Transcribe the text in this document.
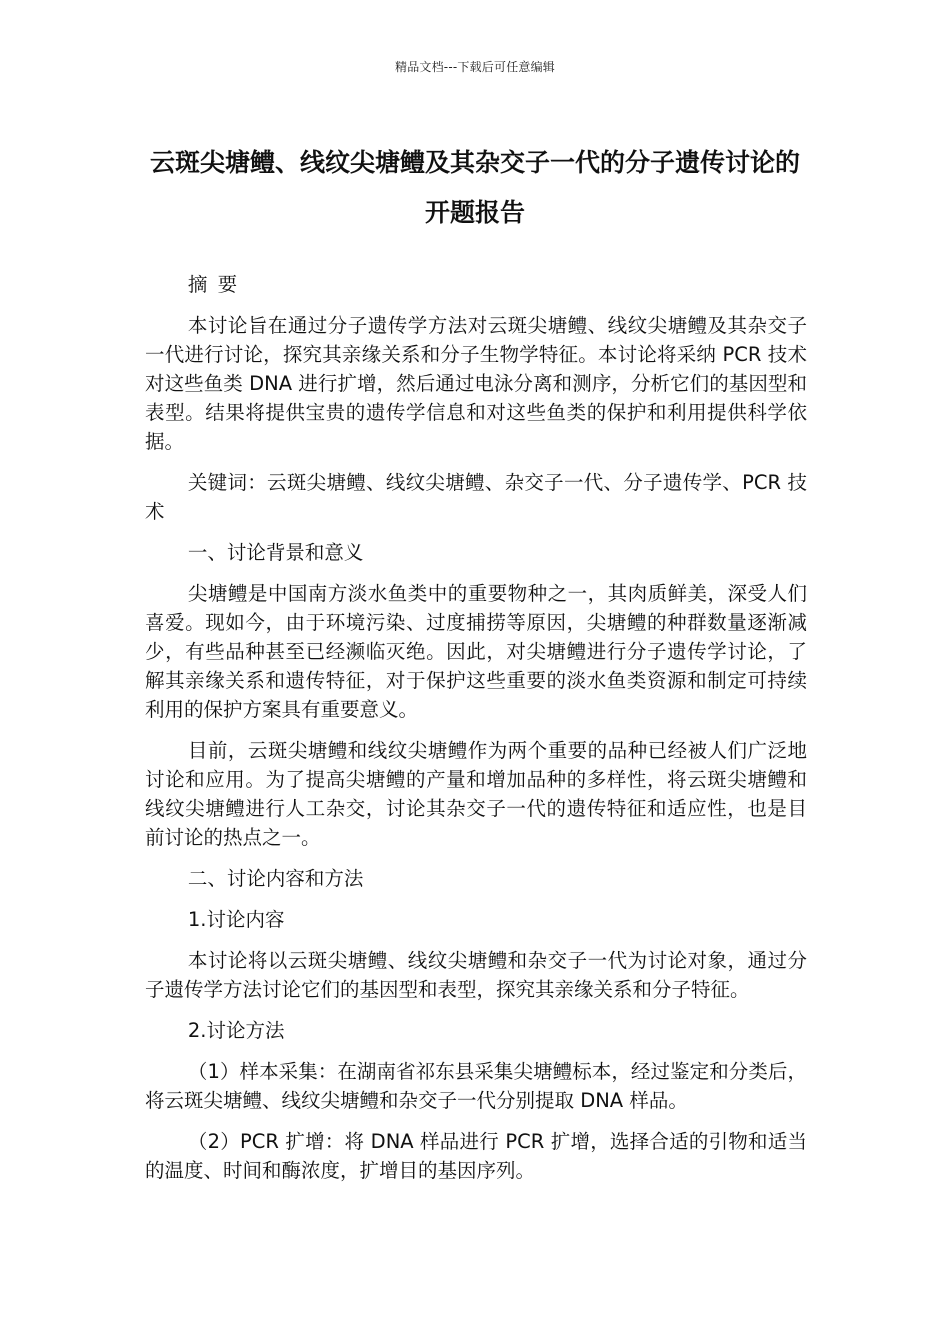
精品文档---下载后可任意编辑
云斑尖塘鳢、线纹尖塘鳢及其杂交子一代的分子遗传讨论的开题报告

摘 要

本讨论旨在通过分子遗传学方法对云斑尖塘鳢、线纹尖塘鳢及其杂交子一代进行讨论，探究其亲缘关系和分子生物学特征。本讨论将采纳 PCR 技术对这些鱼类 DNA 进行扩增，然后通过电泳分离和测序，分析它们的基因型和表型。结果将提供宝贵的遗传学信息和对这些鱼类的保护和利用提供科学依据。

关键词：云斑尖塘鳢、线纹尖塘鳢、杂交子一代、分子遗传学、PCR 技术

一、讨论背景和意义

尖塘鳢是中国南方淡水鱼类中的重要物种之一，其肉质鲜美，深受人们喜爱。现如今，由于环境污染、过度捕捞等原因，尖塘鳢的种群数量逐渐减少，有些品种甚至已经濒临灭绝。因此，对尖塘鳢进行分子遗传学讨论，了解其亲缘关系和遗传特征，对于保护这些重要的淡水鱼类资源和制定可持续利用的保护方案具有重要意义。

目前，云斑尖塘鳢和线纹尖塘鳢作为两个重要的品种已经被人们广泛地讨论和应用。为了提高尖塘鳢的产量和增加品种的多样性，将云斑尖塘鳢和线纹尖塘鳢进行人工杂交，讨论其杂交子一代的遗传特征和适应性，也是目前讨论的热点之一。

二、讨论内容和方法

1.讨论内容

本讨论将以云斑尖塘鳢、线纹尖塘鳢和杂交子一代为讨论对象，通过分子遗传学方法讨论它们的基因型和表型，探究其亲缘关系和分子特征。

2.讨论方法

（1）样本采集：在湖南省祁东县采集尖塘鳢标本，经过鉴定和分类后，将云斑尖塘鳢、线纹尖塘鳢和杂交子一代分别提取 DNA 样品。

（2）PCR 扩增：将 DNA 样品进行 PCR 扩增，选择合适的引物和适当的温度、时间和酶浓度，扩增目的基因序列。
